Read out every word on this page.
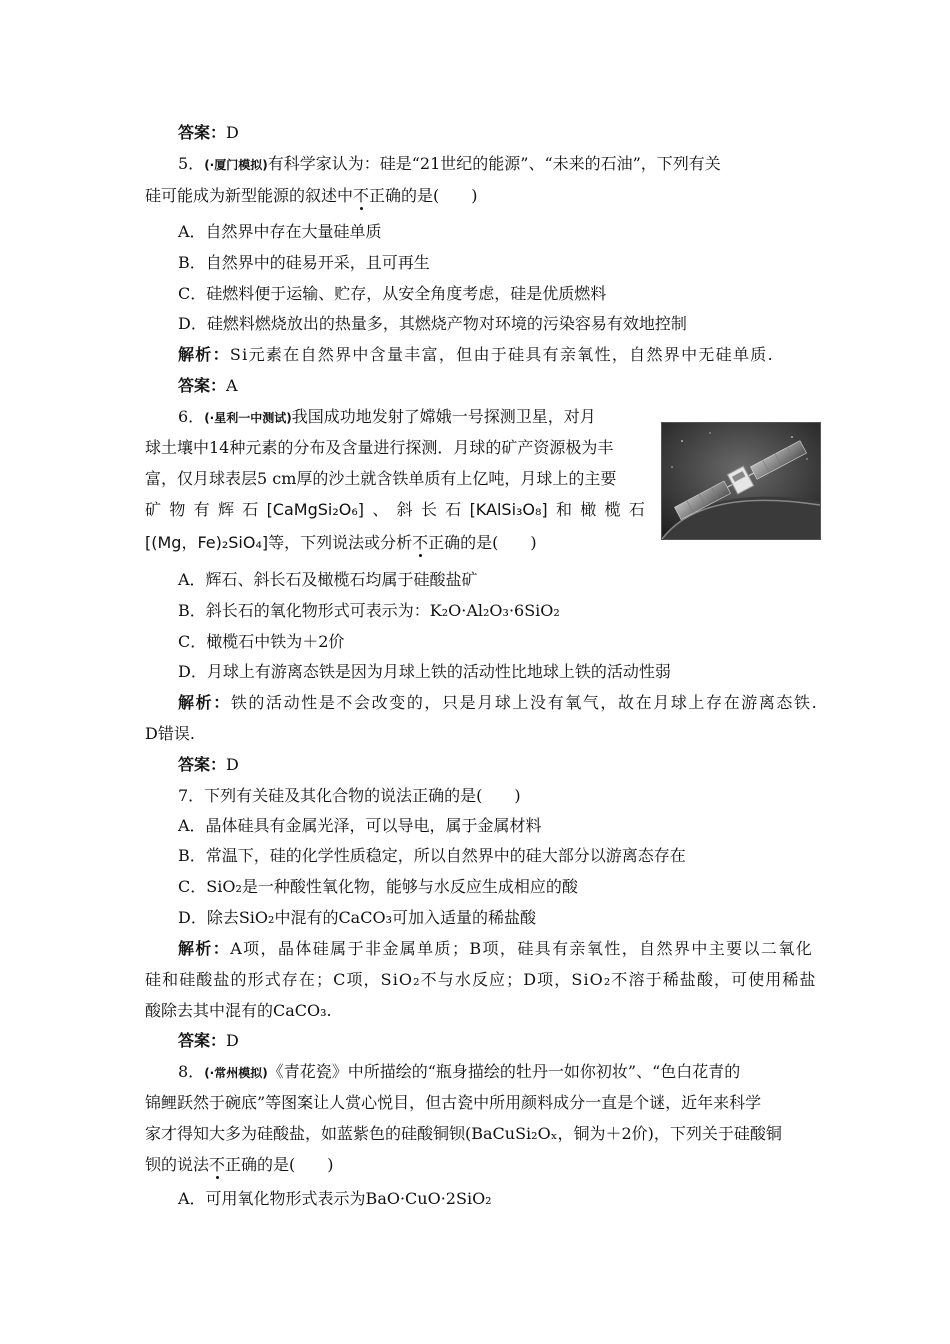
答案：D
5．(·厦门模拟)有科学家认为：硅是“21世纪的能源”、“未来的石油”，下列有关
硅可能成为新型能源的叙述中不正确的是(　　)
A．自然界中存在大量硅单质
B．自然界中的硅易开采，且可再生
C．硅燃料便于运输、贮存，从安全角度考虑，硅是优质燃料
D．硅燃料燃烧放出的热量多，其燃烧产物对环境的污染容易有效地控制
解析：Si元素在自然界中含量丰富，但由于硅具有亲氧性，自然界中无硅单质.
答案：A
6．(·星利一中测试)我国成功地发射了嫦娥一号探测卫星，对月
球土壤中14种元素的分布及含量进行探测．月球的矿产资源极为丰
富，仅月球表层5 cm厚的沙土就含铁单质有上亿吨，月球上的主要
矿 物 有 辉 石 [CaMgSi₂O₆] 、 斜 长 石 [KAlSi₃O₈] 和 橄 榄 石
[(Mg，Fe)₂SiO₄]等，下列说法或分析不正确的是(　　)
A．辉石、斜长石及橄榄石均属于硅酸盐矿
B．斜长石的氧化物形式可表示为：K₂O·Al₂O₃·6SiO₂
C．橄榄石中铁为＋2价
D．月球上有游离态铁是因为月球上铁的活动性比地球上铁的活动性弱
解析：铁的活动性是不会改变的，只是月球上没有氧气，故在月球上存在游离态铁.
D错误.
答案：D
7．下列有关硅及其化合物的说法正确的是(　　)
A．晶体硅具有金属光泽，可以导电，属于金属材料
B．常温下，硅的化学性质稳定，所以自然界中的硅大部分以游离态存在
C．SiO₂是一种酸性氧化物，能够与水反应生成相应的酸
D．除去SiO₂中混有的CaCO₃可加入适量的稀盐酸
解析：A项，晶体硅属于非金属单质；B项，硅具有亲氧性，自然界中主要以二氧化
硅和硅酸盐的形式存在；C项，SiO₂不与水反应；D项，SiO₂不溶于稀盐酸，可使用稀盐
酸除去其中混有的CaCO₃.
答案：D
8．(·常州模拟)《青花瓷》中所描绘的“瓶身描绘的牡丹一如你初妆”、“色白花青的
锦鲤跃然于碗底”等图案让人赏心悦目，但古瓷中所用颜料成分一直是个谜，近年来科学
家才得知大多为硅酸盐，如蓝紫色的硅酸铜钡(BaCuSi₂Oₓ，铜为＋2价)，下列关于硅酸铜
钡的说法不正确的是(　　)
A．可用氧化物形式表示为BaO·CuO·2SiO₂
